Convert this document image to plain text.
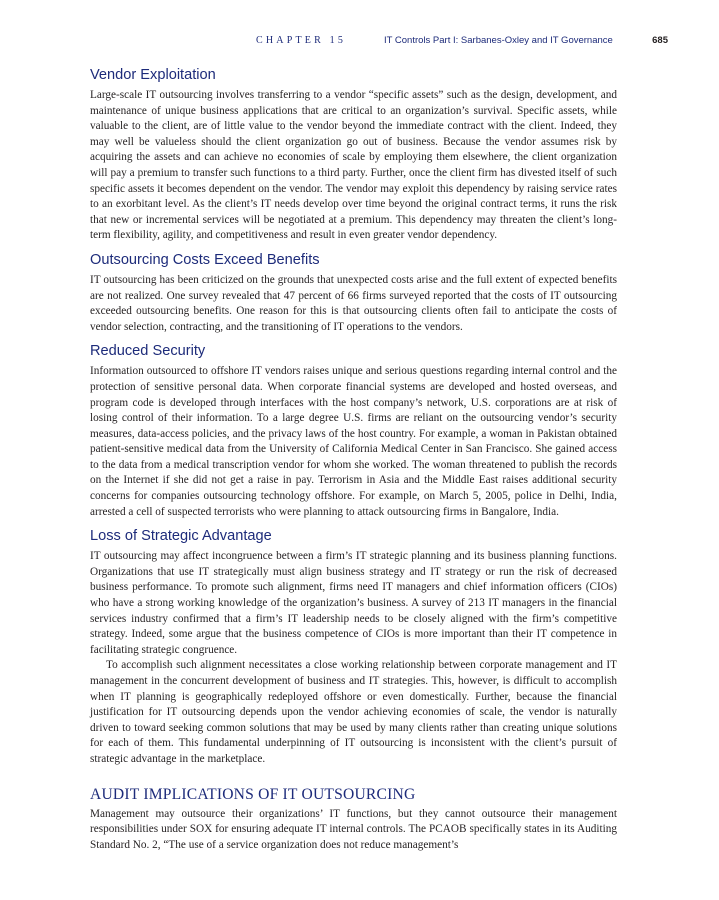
CHAPTER 15	IT Controls Part I: Sarbanes-Oxley and IT Governance	685
Vendor Exploitation

Large-scale IT outsourcing involves transferring to a vendor “specific assets” such as the design, development, and maintenance of unique business applications that are critical to an organization’s survival. Specific assets, while valuable to the client, are of little value to the vendor beyond the immediate contract with the client. Indeed, they may well be valueless should the client organization go out of business. Because the vendor assumes risk by acquiring the assets and can achieve no economies of scale by employing them elsewhere, the client organization will pay a premium to transfer such functions to a third party. Further, once the client firm has divested itself of such specific assets it becomes dependent on the vendor. The vendor may exploit this dependency by raising service rates to an exorbitant level. As the client’s IT needs develop over time beyond the original contract terms, it runs the risk that new or incremental services will be negotiated at a premium. This dependency may threaten the client’s long-term flexibility, agility, and competitiveness and result in even greater vendor dependency.

Outsourcing Costs Exceed Benefits

IT outsourcing has been criticized on the grounds that unexpected costs arise and the full extent of expected benefits are not realized. One survey revealed that 47 percent of 66 firms surveyed reported that the costs of IT outsourcing exceeded outsourcing benefits. One reason for this is that outsourcing clients often fail to anticipate the costs of vendor selection, contracting, and the transitioning of IT operations to the vendors.

Reduced Security

Information outsourced to offshore IT vendors raises unique and serious questions regarding internal control and the protection of sensitive personal data. When corporate financial systems are developed and hosted overseas, and program code is developed through interfaces with the host company’s network, U.S. corporations are at risk of losing control of their information. To a large degree U.S. firms are reliant on the outsourcing vendor’s security measures, data-access policies, and the privacy laws of the host country. For example, a woman in Pakistan obtained patient-sensitive medical data from the University of California Medical Center in San Francisco. She gained access to the data from a medical transcription vendor for whom she worked. The woman threatened to publish the records on the Internet if she did not get a raise in pay. Terrorism in Asia and the Middle East raises additional security concerns for companies outsourcing technology offshore. For example, on March 5, 2005, police in Delhi, India, arrested a cell of suspected terrorists who were planning to attack outsourcing firms in Bangalore, India.

Loss of Strategic Advantage

IT outsourcing may affect incongruence between a firm’s IT strategic planning and its business planning functions. Organizations that use IT strategically must align business strategy and IT strategy or run the risk of decreased business performance. To promote such alignment, firms need IT managers and chief information officers (CIOs) who have a strong working knowledge of the organization’s business. A survey of 213 IT managers in the financial services industry confirmed that a firm’s IT leadership needs to be closely aligned with the firm’s competitive strategy. Indeed, some argue that the business competence of CIOs is more important than their IT competence in facilitating strategic congruence.

To accomplish such alignment necessitates a close working relationship between corporate management and IT management in the concurrent development of business and IT strategies. This, however, is difficult to accomplish when IT planning is geographically redeployed offshore or even domestically. Further, because the financial justification for IT outsourcing depends upon the vendor achieving economies of scale, the vendor is naturally driven to toward seeking common solutions that may be used by many clients rather than creating unique solutions for each of them. This fundamental underpinning of IT outsourcing is inconsistent with the client’s pursuit of strategic advantage in the marketplace.

AUDIT IMPLICATIONS OF IT OUTSOURCING

Management may outsource their organizations’ IT functions, but they cannot outsource their management responsibilities under SOX for ensuring adequate IT internal controls. The PCAOB specifically states in its Auditing Standard No. 2, “The use of a service organization does not reduce management’s
